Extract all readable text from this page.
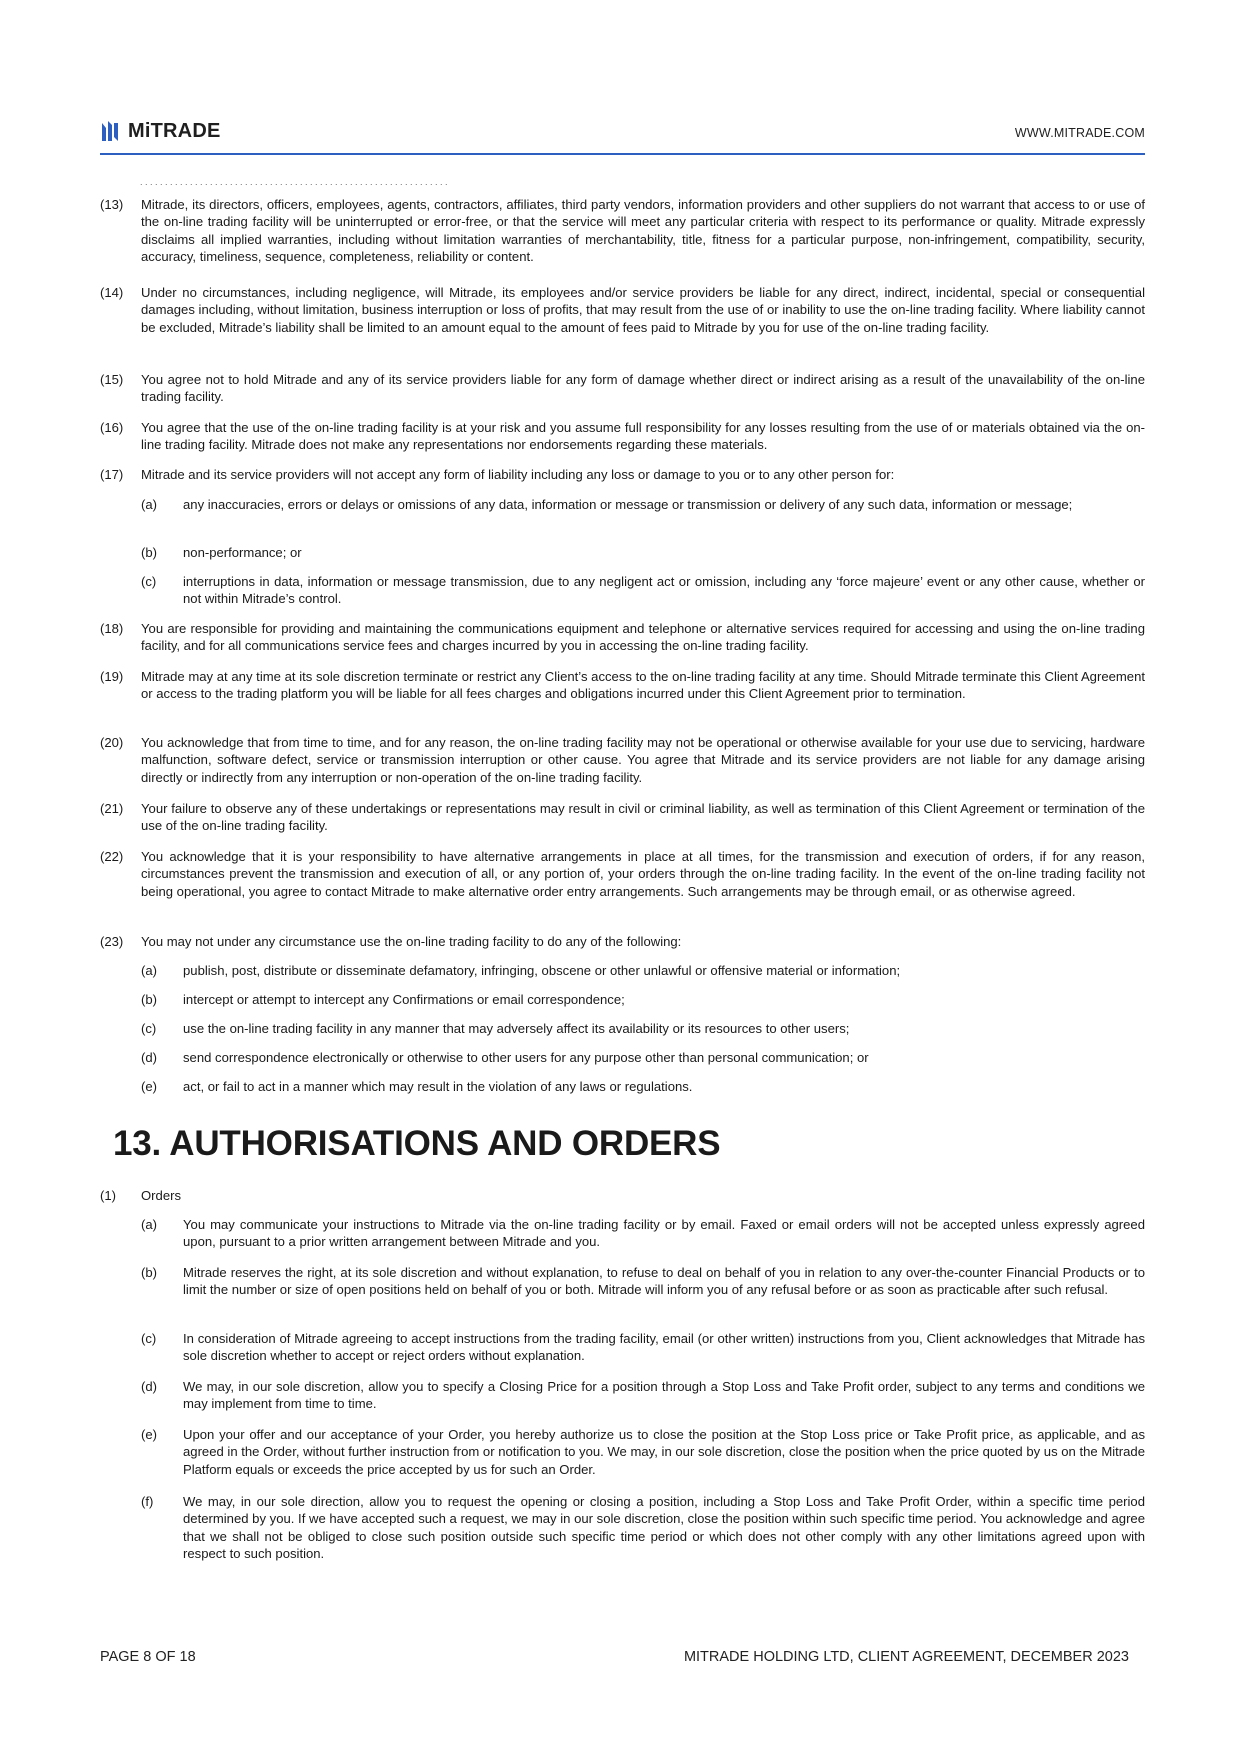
MiTRADE	WWW.MITRADE.COM
. . . . . . . . . . . . . . . . . . . . . . . . . . . . . . . . . . . . . . . . . . . . . . . . . . . . . . . . . . . . . .
(13)	Mitrade, its directors, officers, employees, agents, contractors, affiliates, third party vendors, information providers and other suppliers do not warrant that access to or use of the on-line trading facility will be uninterrupted or error-free, or that the service will meet any particular criteria with respect to its performance or quality. Mitrade expressly disclaims all implied warranties, including without limitation warranties of merchantability, title, fitness for a particular purpose, non-infringement, compatibility, security, accuracy, timeliness, sequence, completeness, reliability or content.
(14)	Under no circumstances, including negligence, will Mitrade, its employees and/or service providers be liable for any direct, indirect, incidental, special or consequential damages including, without limitation, business interruption or loss of profits, that may result from the use of or inability to use the on-line trading facility. Where liability cannot be excluded, Mitrade’s liability shall be limited to an amount equal to the amount of fees paid to Mitrade by you for use of the on-line trading facility.
(15)	You agree not to hold Mitrade and any of its service providers liable for any form of damage whether direct or indirect arising as a result of the unavailability of the on-line trading facility.
(16)	You agree that the use of the on-line trading facility is at your risk and you assume full responsibility for any losses resulting from the use of or materials obtained via the on-line trading facility. Mitrade does not make any representations nor endorsements regarding these materials.
(17)	Mitrade and its service providers will not accept any form of liability including any loss or damage to you or to any other person for:
(a)	any inaccuracies, errors or delays or omissions of any data, information or message or transmission or delivery of any such data, information or message;
(b)	non-performance; or
(c)	interruptions in data, information or message transmission, due to any negligent act or omission, including any ‘force majeure’ event or any other cause, whether or not within Mitrade’s control.
(18)	You are responsible for providing and maintaining the communications equipment and telephone or alternative services required for accessing and using the on-line trading facility, and for all communications service fees and charges incurred by you in accessing the on-line trading facility.
(19)	Mitrade may at any time at its sole discretion terminate or restrict any Client’s access to the on-line trading facility at any time. Should Mitrade terminate this Client Agreement or access to the trading platform you will be liable for all fees charges and obligations incurred under this Client Agreement prior to termination.
(20)	You acknowledge that from time to time, and for any reason, the on-line trading facility may not be operational or otherwise available for your use due to servicing, hardware malfunction, software defect, service or transmission interruption or other cause. You agree that Mitrade and its service providers are not liable for any damage arising directly or indirectly from any interruption or non-operation of the on-line trading facility.
(21)	Your failure to observe any of these undertakings or representations may result in civil or criminal liability, as well as termination of this Client Agreement or termination of the use of the on-line trading facility.
(22)	You acknowledge that it is your responsibility to have alternative arrangements in place at all times, for the transmission and execution of orders, if for any reason, circumstances prevent the transmission and execution of all, or any portion of, your orders through the on-line trading facility. In the event of the on-line trading facility not being operational, you agree to contact Mitrade to make alternative order entry arrangements. Such arrangements may be through email, or as otherwise agreed.
(23)	You may not under any circumstance use the on-line trading facility to do any of the following:
(a)	publish, post, distribute or disseminate defamatory, infringing, obscene or other unlawful or offensive material or information;
(b)	intercept or attempt to intercept any Confirmations or email correspondence;
(c)	use the on-line trading facility in any manner that may adversely affect its availability or its resources to other users;
(d)	send correspondence electronically or otherwise to other users for any purpose other than personal communication; or
(e)	act, or fail to act in a manner which may result in the violation of any laws or regulations.
13. AUTHORISATIONS AND ORDERS
(1)	Orders
(a)	You may communicate your instructions to Mitrade via the on-line trading facility or by email. Faxed or email orders will not be accepted unless expressly agreed upon, pursuant to a prior written arrangement between Mitrade and you.
(b)	Mitrade reserves the right, at its sole discretion and without explanation, to refuse to deal on behalf of you in relation to any over-the-counter Financial Products or to limit the number or size of open positions held on behalf of you or both. Mitrade will inform you of any refusal before or as soon as practicable after such refusal.
(c)	In consideration of Mitrade agreeing to accept instructions from the trading facility, email (or other written) instructions from you, Client acknowledges that Mitrade has sole discretion whether to accept or reject orders without explanation.
(d)	We may, in our sole discretion, allow you to specify a Closing Price for a position through a Stop Loss and Take Profit order, subject to any terms and conditions we may implement from time to time.
(e)	Upon your offer and our acceptance of your Order, you hereby authorize us to close the position at the Stop Loss price or Take Profit price, as applicable, and as agreed in the Order, without further instruction from or notification to you. We may, in our sole discretion, close the position when the price quoted by us on the Mitrade Platform equals or exceeds the price accepted by us for such an Order.
(f)	We may, in our sole direction, allow you to request the opening or closing a position, including a Stop Loss and Take Profit Order, within a specific time period determined by you. If we have accepted such a request, we may in our sole discretion, close the position within such specific time period. You acknowledge and agree that we shall not be obliged to close such position outside such specific time period or which does not other comply with any other limitations agreed upon with respect to such position.
PAGE 8 OF 18	MITRADE HOLDING LTD, CLIENT AGREEMENT, DECEMBER 2023
